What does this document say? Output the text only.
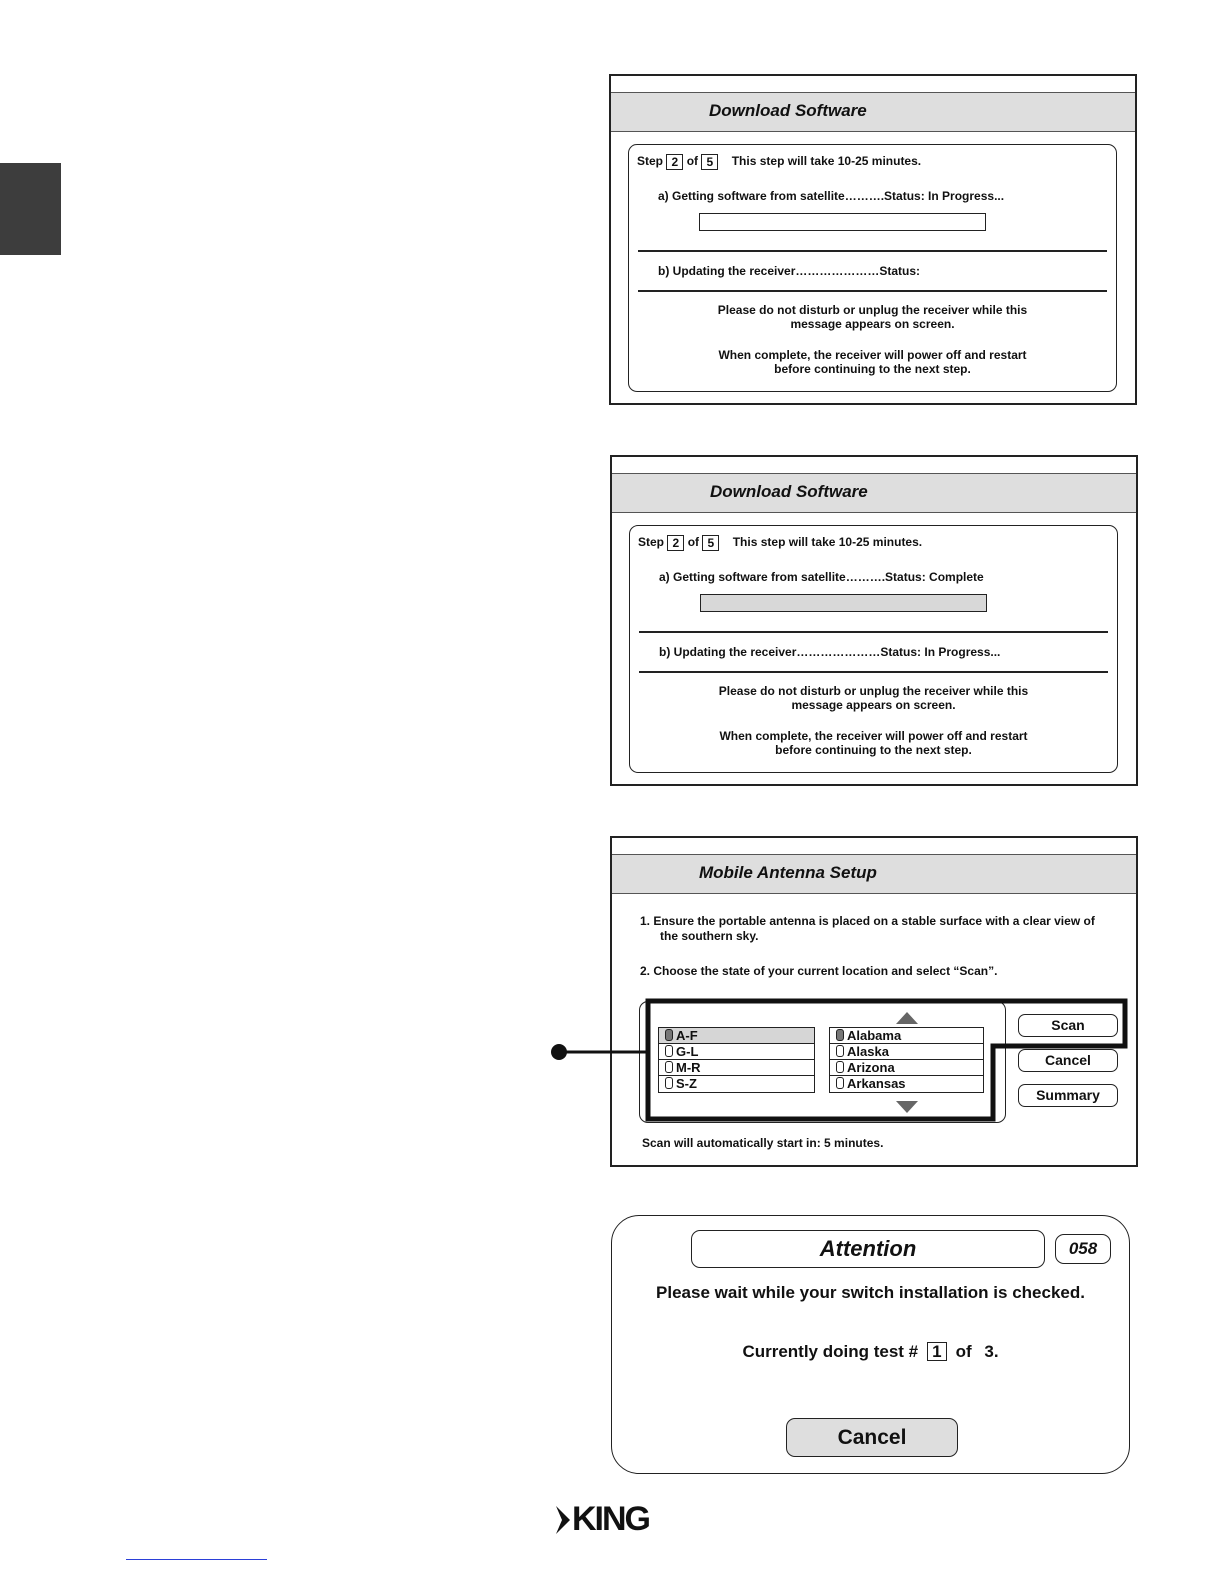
Download Software
Step 2 of 5 This step will take 10-25 minutes.
a) Getting software from satellite……….Status: In Progress...
b) Updating the receiver…………………Status:
Please do not disturb or unplug the receiver while this
message appears on screen.
When complete, the receiver will power off and restart
before continuing to the next step.
Download Software
Step 2 of 5 This step will take 10-25 minutes.
a) Getting software from satellite……….Status: Complete
b) Updating the receiver…………………Status: In Progress...
Please do not disturb or unplug the receiver while this
message appears on screen.
When complete, the receiver will power off and restart
before continuing to the next step.
Mobile Antenna Setup
1. Ensure the portable antenna is placed on a stable surface with a clear view of
the southern sky.
2. Choose the state of your current location and select “Scan”.
A-F
G-L
M-R
S-Z
Alabama
Alaska
Arizona
Arkansas
Scan
Cancel
Summary
Scan will automatically start in: 5 minutes.
Attention	058
Please wait while your switch installation is checked.
Currently doing test # 1 of 3.
Cancel
KING
